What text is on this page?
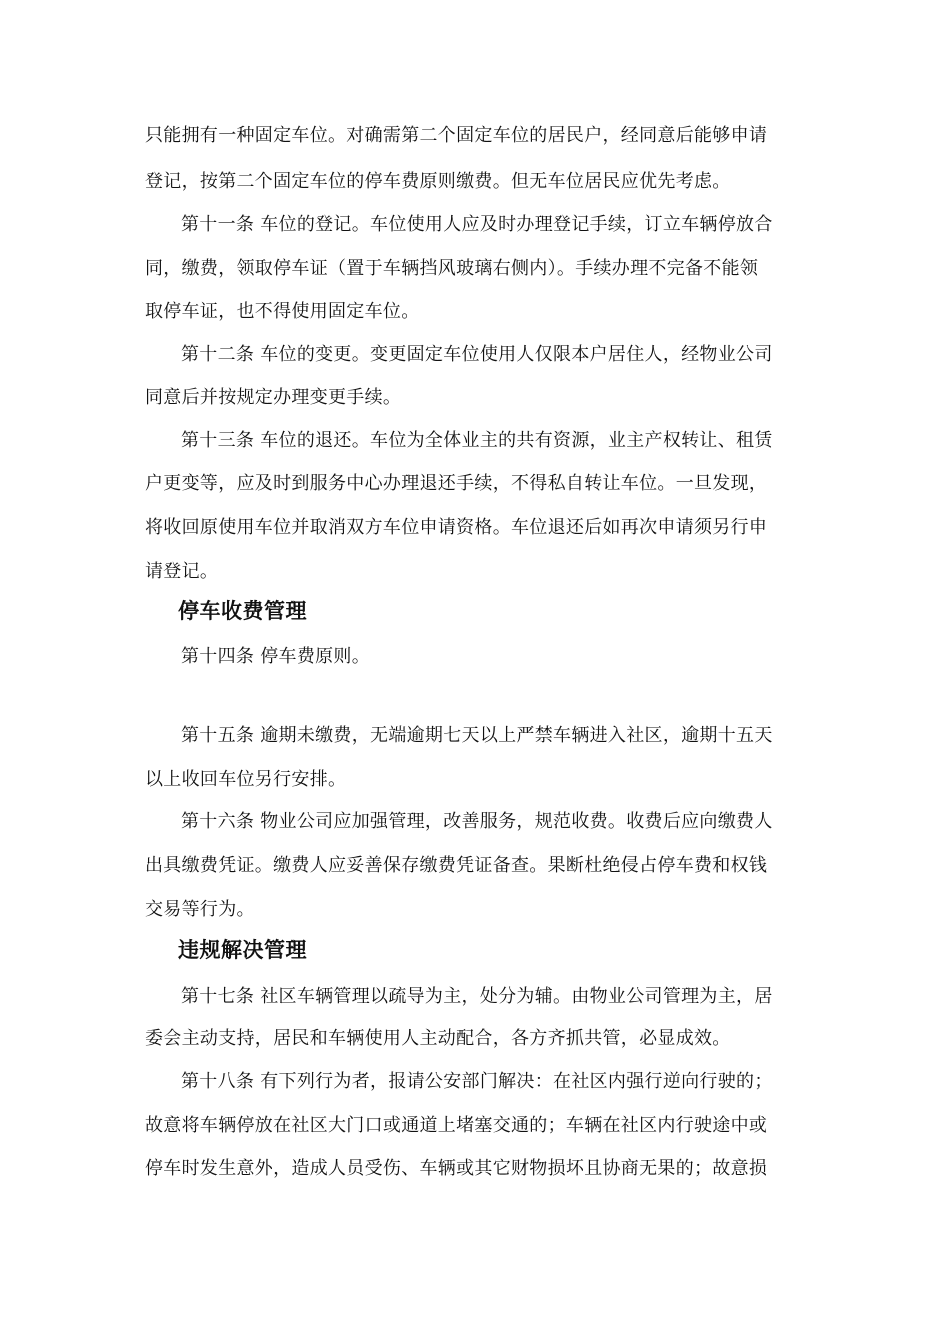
只能拥有一种固定车位。对确需第二个固定车位的居民户，经同意后能够申请
登记，按第二个固定车位的停车费原则缴费。但无车位居民应优先考虑。
第十一条 车位的登记。车位使用人应及时办理登记手续，订立车辆停放合
同，缴费，领取停车证（置于车辆挡风玻璃右侧内）。手续办理不完备不能领
取停车证，也不得使用固定车位。
第十二条 车位的变更。变更固定车位使用人仅限本户居住人，经物业公司
同意后并按规定办理变更手续。
第十三条 车位的退还。车位为全体业主的共有资源，业主产权转让、租赁
户更变等，应及时到服务中心办理退还手续，不得私自转让车位。一旦发现，
将收回原使用车位并取消双方车位申请资格。车位退还后如再次申请须另行申
请登记。
停车收费管理
第十四条 停车费原则。
第十五条 逾期未缴费，无端逾期七天以上严禁车辆进入社区，逾期十五天
以上收回车位另行安排。
第十六条 物业公司应加强管理，改善服务，规范收费。收费后应向缴费人
出具缴费凭证。缴费人应妥善保存缴费凭证备查。果断杜绝侵占停车费和权钱
交易等行为。
违规解决管理
第十七条 社区车辆管理以疏导为主，处分为辅。由物业公司管理为主，居
委会主动支持，居民和车辆使用人主动配合，各方齐抓共管，必显成效。
第十八条 有下列行为者，报请公安部门解决：在社区内强行逆向行驶的；
故意将车辆停放在社区大门口或通道上堵塞交通的；车辆在社区内行驶途中或
停车时发生意外，造成人员受伤、车辆或其它财物损坏且协商无果的；故意损
